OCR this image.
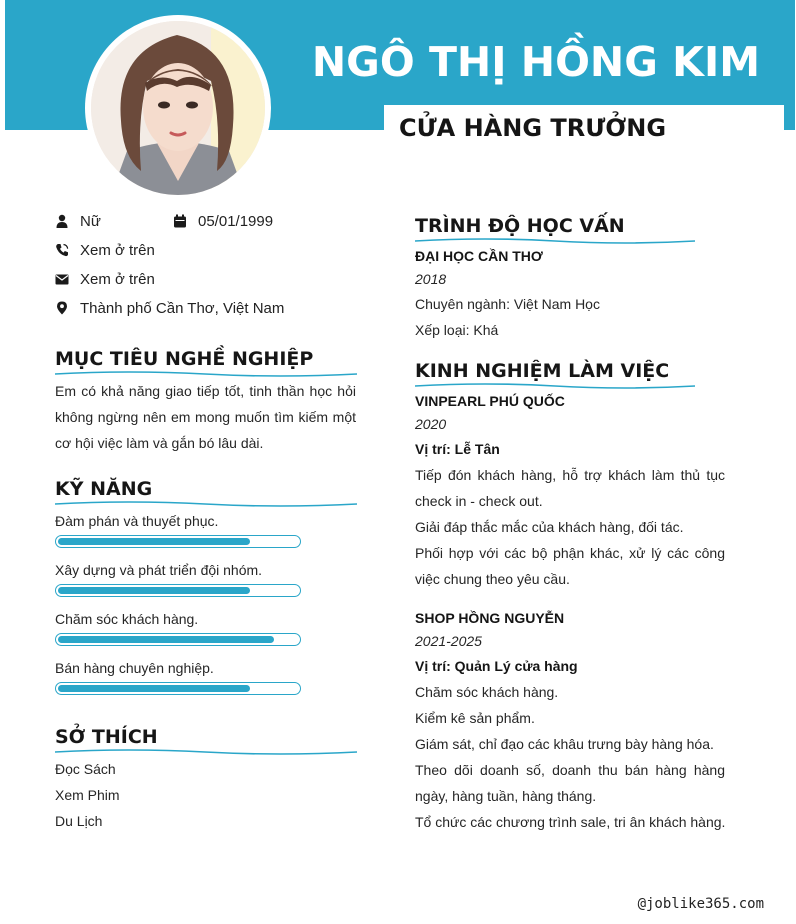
NGÔ THỊ HỒNG KIM
CỬA HÀNG TRƯỞNG
Nữ	05/01/1999
Xem ở trên
Xem ở trên
Thành phố Cần Thơ, Việt Nam
MỤC TIÊU NGHỀ NGHIỆP
Em có khả năng giao tiếp tốt, tinh thần học hỏi
không ngừng nên em mong muốn tìm kiếm một
cơ hội việc làm và gắn bó lâu dài.
KỸ NĂNG
Đàm phán và thuyết phục.
Xây dựng và phát triển đội nhóm.
Chăm sóc khách hàng.
Bán hàng chuyên nghiệp.
SỞ THÍCH
Đọc Sách
Xem Phim
Du Lịch
TRÌNH ĐỘ HỌC VẤN
ĐẠI HỌC CẦN THƠ
2018
Chuyên ngành: Việt Nam Học
Xếp loại: Khá
KINH NGHIỆM LÀM VIỆC
VINPEARL PHÚ QUỐC
2020
Vị trí: Lễ Tân
Tiếp đón khách hàng, hỗ trợ khách làm thủ tục
check in - check out.
Giải đáp thắc mắc của khách hàng, đối tác.
Phối hợp với các bộ phận khác, xử lý các công
việc chung theo yêu cầu.
SHOP HỒNG NGUYỄN
2021-2025
Vị trí: Quản Lý cửa hàng
Chăm sóc khách hàng.
Kiểm kê sản phẩm.
Giám sát, chỉ đạo các khâu trưng bày hàng hóa.
Theo dõi doanh số, doanh thu bán hàng hàng
ngày, hàng tuần, hàng tháng.
Tổ chức các chương trình sale, tri ân khách hàng.
@joblike365.com
